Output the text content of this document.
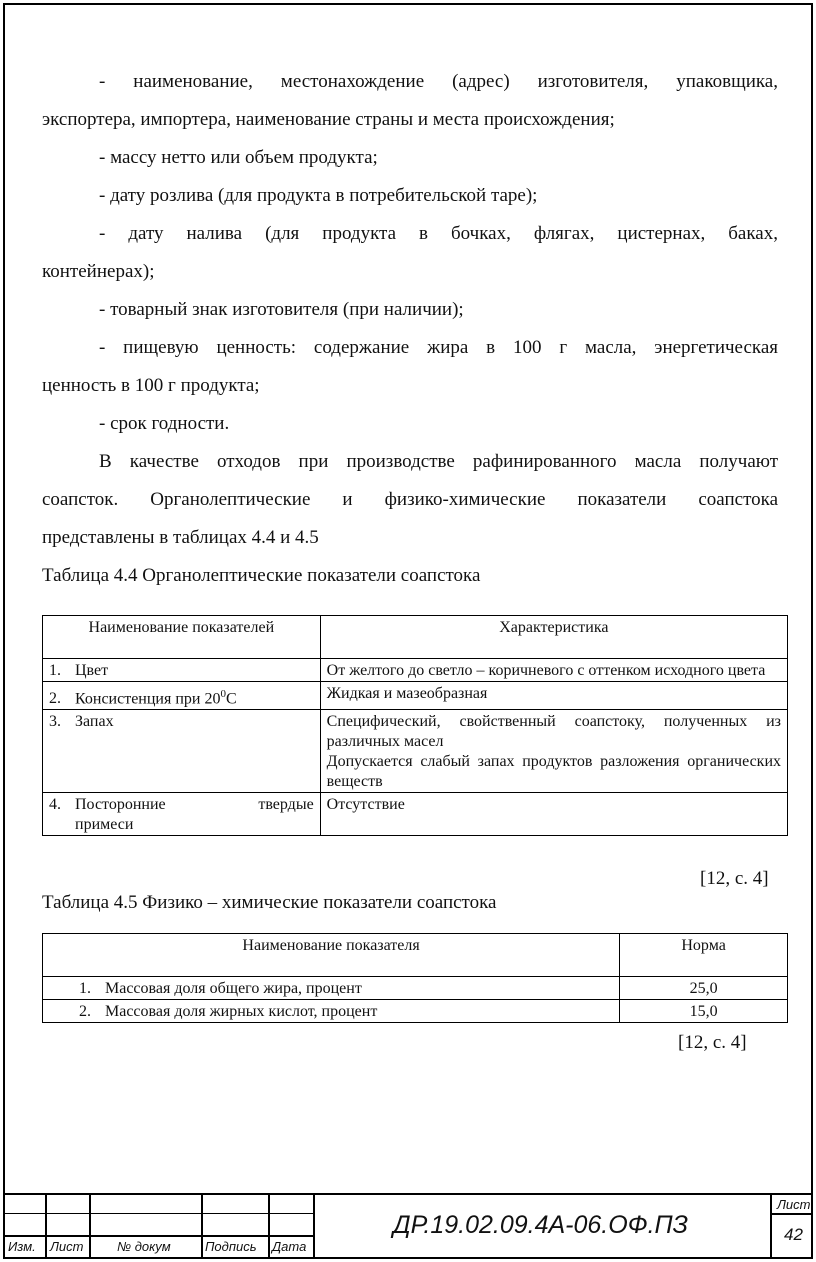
- наименование, местонахождение (адрес) изготовителя, упаковщика,

экспортера, импортера, наименование страны и места происхождения;

- массу нетто или объем продукта;

- дату розлива (для продукта в потребительской таре);

- дату налива (для продукта в бочках, флягах, цистернах, баках,

контейнерах);

- товарный знак изготовителя (при наличии);

- пищевую ценность: содержание жира в 100 г масла, энергетическая

ценность в 100 г продукта;

- срок годности.

В качестве отходов при производстве рафинированного масла получают

соапсток. Органолептические и физико-химические показатели соапстока

представлены в таблицах 4.4 и 4.5

Таблица 4.4 Органолептические показатели соапстока

Наименование показателей	Характеристика
1. Цвет	От желтого до светло – коричневого с оттенком исходного цвета
2. Консистенция при $20^0С$	Жидкая и мазеобразная
3. Запах	Специфический, свойственный соапстоку, полученных из различных масел
Допускается слабый запах продуктов разложения органических веществ

4. Посторонние твердые
примеси	Отсутствие
[12, с. 4]
Таблица 4.5 Физико – химические показатели соапстока
Наименование показателя	Норма
1. Массовая доля общего жира, процент	25,0
2. Массовая доля жирных кислот, процент	15,0
[12, с. 4]
Изм. Лист	№ докум	Подпись Дата
ДР.19.02.09.4А-06.ОФ.ПЗ
Лист
42
